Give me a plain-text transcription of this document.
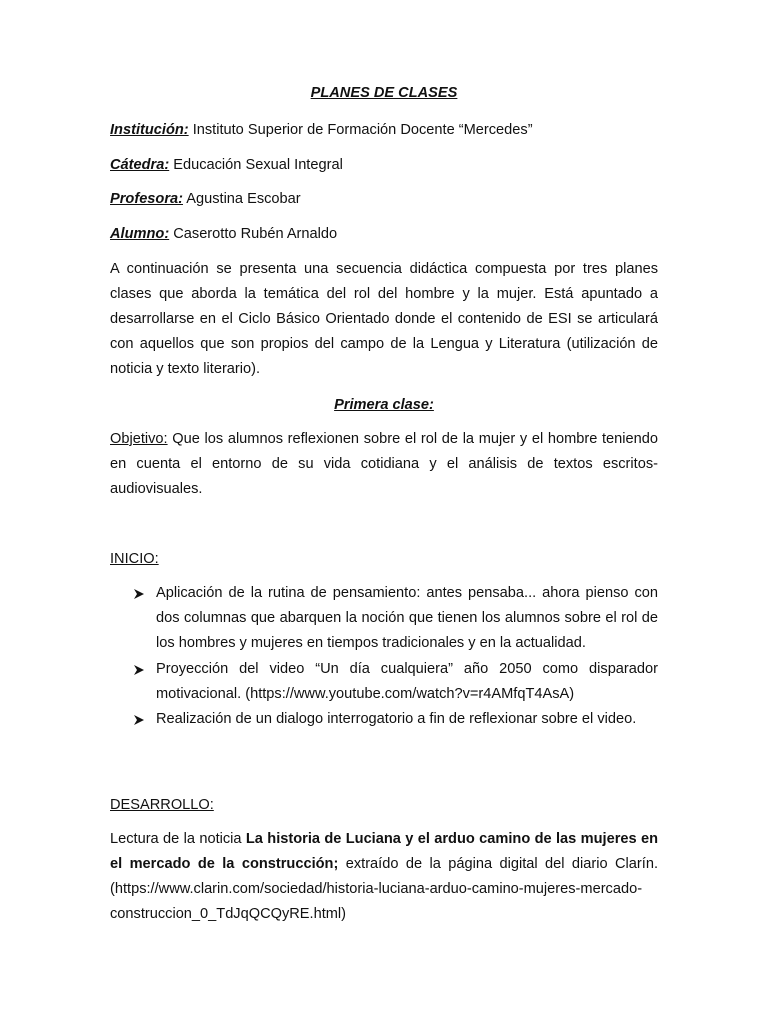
PLANES DE CLASES
Institución: Instituto Superior de Formación Docente “Mercedes”
Cátedra: Educación Sexual Integral
Profesora: Agustina Escobar
Alumno: Caserotto Rubén Arnaldo
A continuación se presenta una secuencia didáctica compuesta por tres planes clases que aborda la temática del rol del hombre y la mujer. Está apuntado a desarrollarse en el Ciclo Básico Orientado donde el contenido de ESI se articulará con aquellos que son propios del campo de la Lengua y Literatura (utilización de noticia y texto literario).
Primera clase:
Objetivo: Que los alumnos reflexionen sobre el rol de la mujer y el hombre teniendo en cuenta el entorno de su vida cotidiana y el análisis de textos escritos- audiovisuales.
INICIO:
Aplicación de la rutina de pensamiento: antes pensaba... ahora pienso con dos columnas que abarquen la noción que tienen los alumnos sobre el rol de los hombres y mujeres en tiempos tradicionales y en la actualidad.
Proyección del video “Un día cualquiera” año 2050 como disparador motivacional. (https://www.youtube.com/watch?v=r4AMfqT4AsA)
Realización de un dialogo interrogatorio a fin de reflexionar sobre el video.
DESARROLLO:
Lectura de la noticia La historia de Luciana y el arduo camino de las mujeres en el mercado de la construcción; extraído de la página digital del diario Clarín. (https://www.clarin.com/sociedad/historia-luciana-arduo-camino-mujeres-mercado-construccion_0_TdJqQCQyRE.html)
